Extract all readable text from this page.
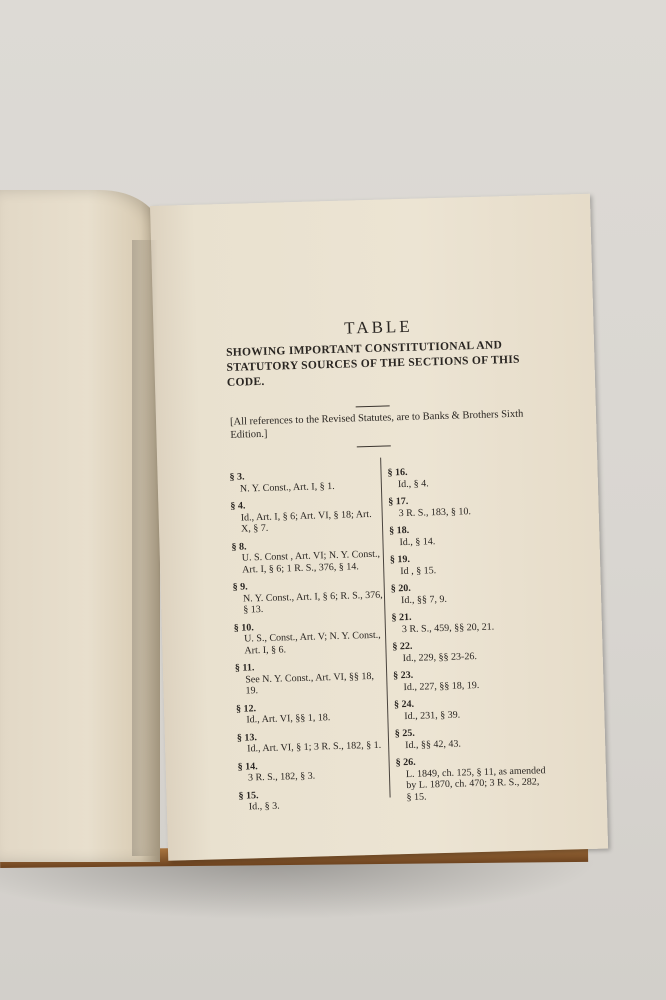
TABLE
SHOWING IMPORTANT CONSTITUTIONAL AND STATUTORY SOURCES OF THE SECTIONS OF THIS CODE.
[All references to the Revised Statutes, are to Banks & Brothers Sixth Edition.]
§ 3.
N. Y. Const., Art. I, § 1.
§ 4.
Id., Art. I, § 6; Art. VI, § 18; Art. X, § 7.
§ 8.
U. S. Const , Art. VI; N. Y. Const., Art. I, § 6; 1 R. S., 376, § 14.
§ 9.
N. Y. Const., Art. I, § 6; R. S., 376, § 13.
§ 10.
U. S., Const., Art. V; N. Y. Const., Art. I, § 6.
§ 11.
See N. Y. Const., Art. VI, §§ 18, 19.
§ 12.
Id., Art. VI, §§ 1, 18.
§ 13.
Id., Art. VI, § 1; 3 R. S., 182, § 1.
§ 14.
3 R. S., 182, § 3.
§ 15.
Id., § 3.
§ 16.
Id., § 4.
§ 17.
3 R. S., 183, § 10.
§ 18.
Id., § 14.
§ 19.
Id , § 15.
§ 20.
Id., §§ 7, 9.
§ 21.
3 R. S., 459, §§ 20, 21.
§ 22.
Id., 229, §§ 23-26.
§ 23.
Id., 227, §§ 18, 19.
§ 24.
Id., 231, § 39.
§ 25.
Id., §§ 42, 43.
§ 26.
L. 1849, ch. 125, § 11, as amended by L. 1870, ch. 470; 3 R. S., 282, § 15.
